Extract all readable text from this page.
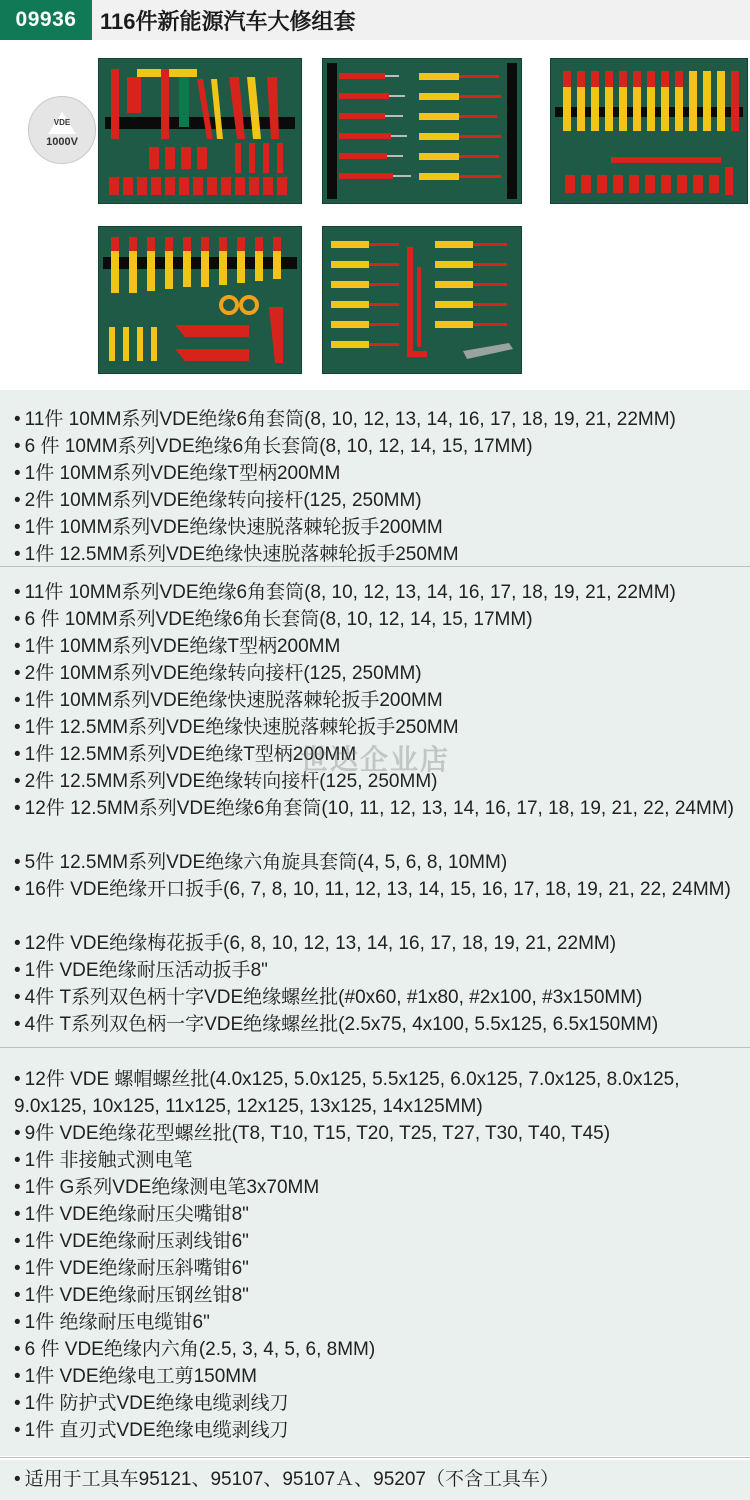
09936	116件新能源汽车大修组套
VDE
1000V
• 11件 10MM系列VDE绝缘6角套筒(8, 10, 12, 13, 14, 16, 17, 18, 19, 21, 22MM)
• 6 件 10MM系列VDE绝缘6角长套筒(8, 10, 12, 14, 15, 17MM)
• 1件 10MM系列VDE绝缘T型柄200MM
• 2件 10MM系列VDE绝缘转向接杆(125, 250MM)
• 1件 10MM系列VDE绝缘快速脱落棘轮扳手200MM
• 1件 12.5MM系列VDE绝缘快速脱落棘轮扳手250MM
• 11件 10MM系列VDE绝缘6角套筒(8, 10, 12, 13, 14, 16, 17, 18, 19, 21, 22MM)
• 6 件 10MM系列VDE绝缘6角长套筒(8, 10, 12, 14, 15, 17MM)
• 1件 10MM系列VDE绝缘T型柄200MM
• 2件 10MM系列VDE绝缘转向接杆(125, 250MM)
• 1件 10MM系列VDE绝缘快速脱落棘轮扳手200MM
• 1件 12.5MM系列VDE绝缘快速脱落棘轮扳手250MM
• 1件 12.5MM系列VDE绝缘T型柄200MM
• 2件 12.5MM系列VDE绝缘转向接杆(125, 250MM)
• 12件 12.5MM系列VDE绝缘6角套筒(10, 11, 12, 13, 14, 16, 17, 18, 19, 21, 22, 24MM)
• 5件 12.5MM系列VDE绝缘六角旋具套筒(4, 5, 6, 8, 10MM)
• 16件 VDE绝缘开口扳手(6, 7, 8, 10, 11, 12, 13, 14, 15, 16, 17, 18, 19, 21, 22, 24MM)
• 12件 VDE绝缘梅花扳手(6, 8, 10, 12, 13, 14, 16, 17, 18, 19, 21, 22MM)
• 1件 VDE绝缘耐压活动扳手8"
• 4件 T系列双色柄十字VDE绝缘螺丝批(#0x60, #1x80, #2x100, #3x150MM)
• 4件 T系列双色柄一字VDE绝缘螺丝批(2.5x75, 4x100, 5.5x125, 6.5x150MM)
• 12件 VDE 螺帽螺丝批(4.0x125, 5.0x125, 5.5x125, 6.0x125, 7.0x125, 8.0x125, 9.0x125, 10x125, 11x125, 12x125, 13x125, 14x125MM)
• 9件 VDE绝缘花型螺丝批(T8, T10, T15, T20, T25, T27, T30, T40, T45)
• 1件 非接触式测电笔
• 1件 G系列VDE绝缘测电笔3x70MM
• 1件 VDE绝缘耐压尖嘴钳8"
• 1件 VDE绝缘耐压剥线钳6"
• 1件 VDE绝缘耐压斜嘴钳6"
• 1件 VDE绝缘耐压钢丝钳8"
• 1件 绝缘耐压电缆钳6"
• 6 件 VDE绝缘内六角(2.5, 3, 4, 5, 6, 8MM)
• 1件 VDE绝缘电工剪150MM
• 1件 防护式VDE绝缘电缆剥线刀
• 1件 直刃式VDE绝缘电缆剥线刀
• 适用于工具车95121、95107、95107Ａ、95207（不含工具车）
世达企业店
